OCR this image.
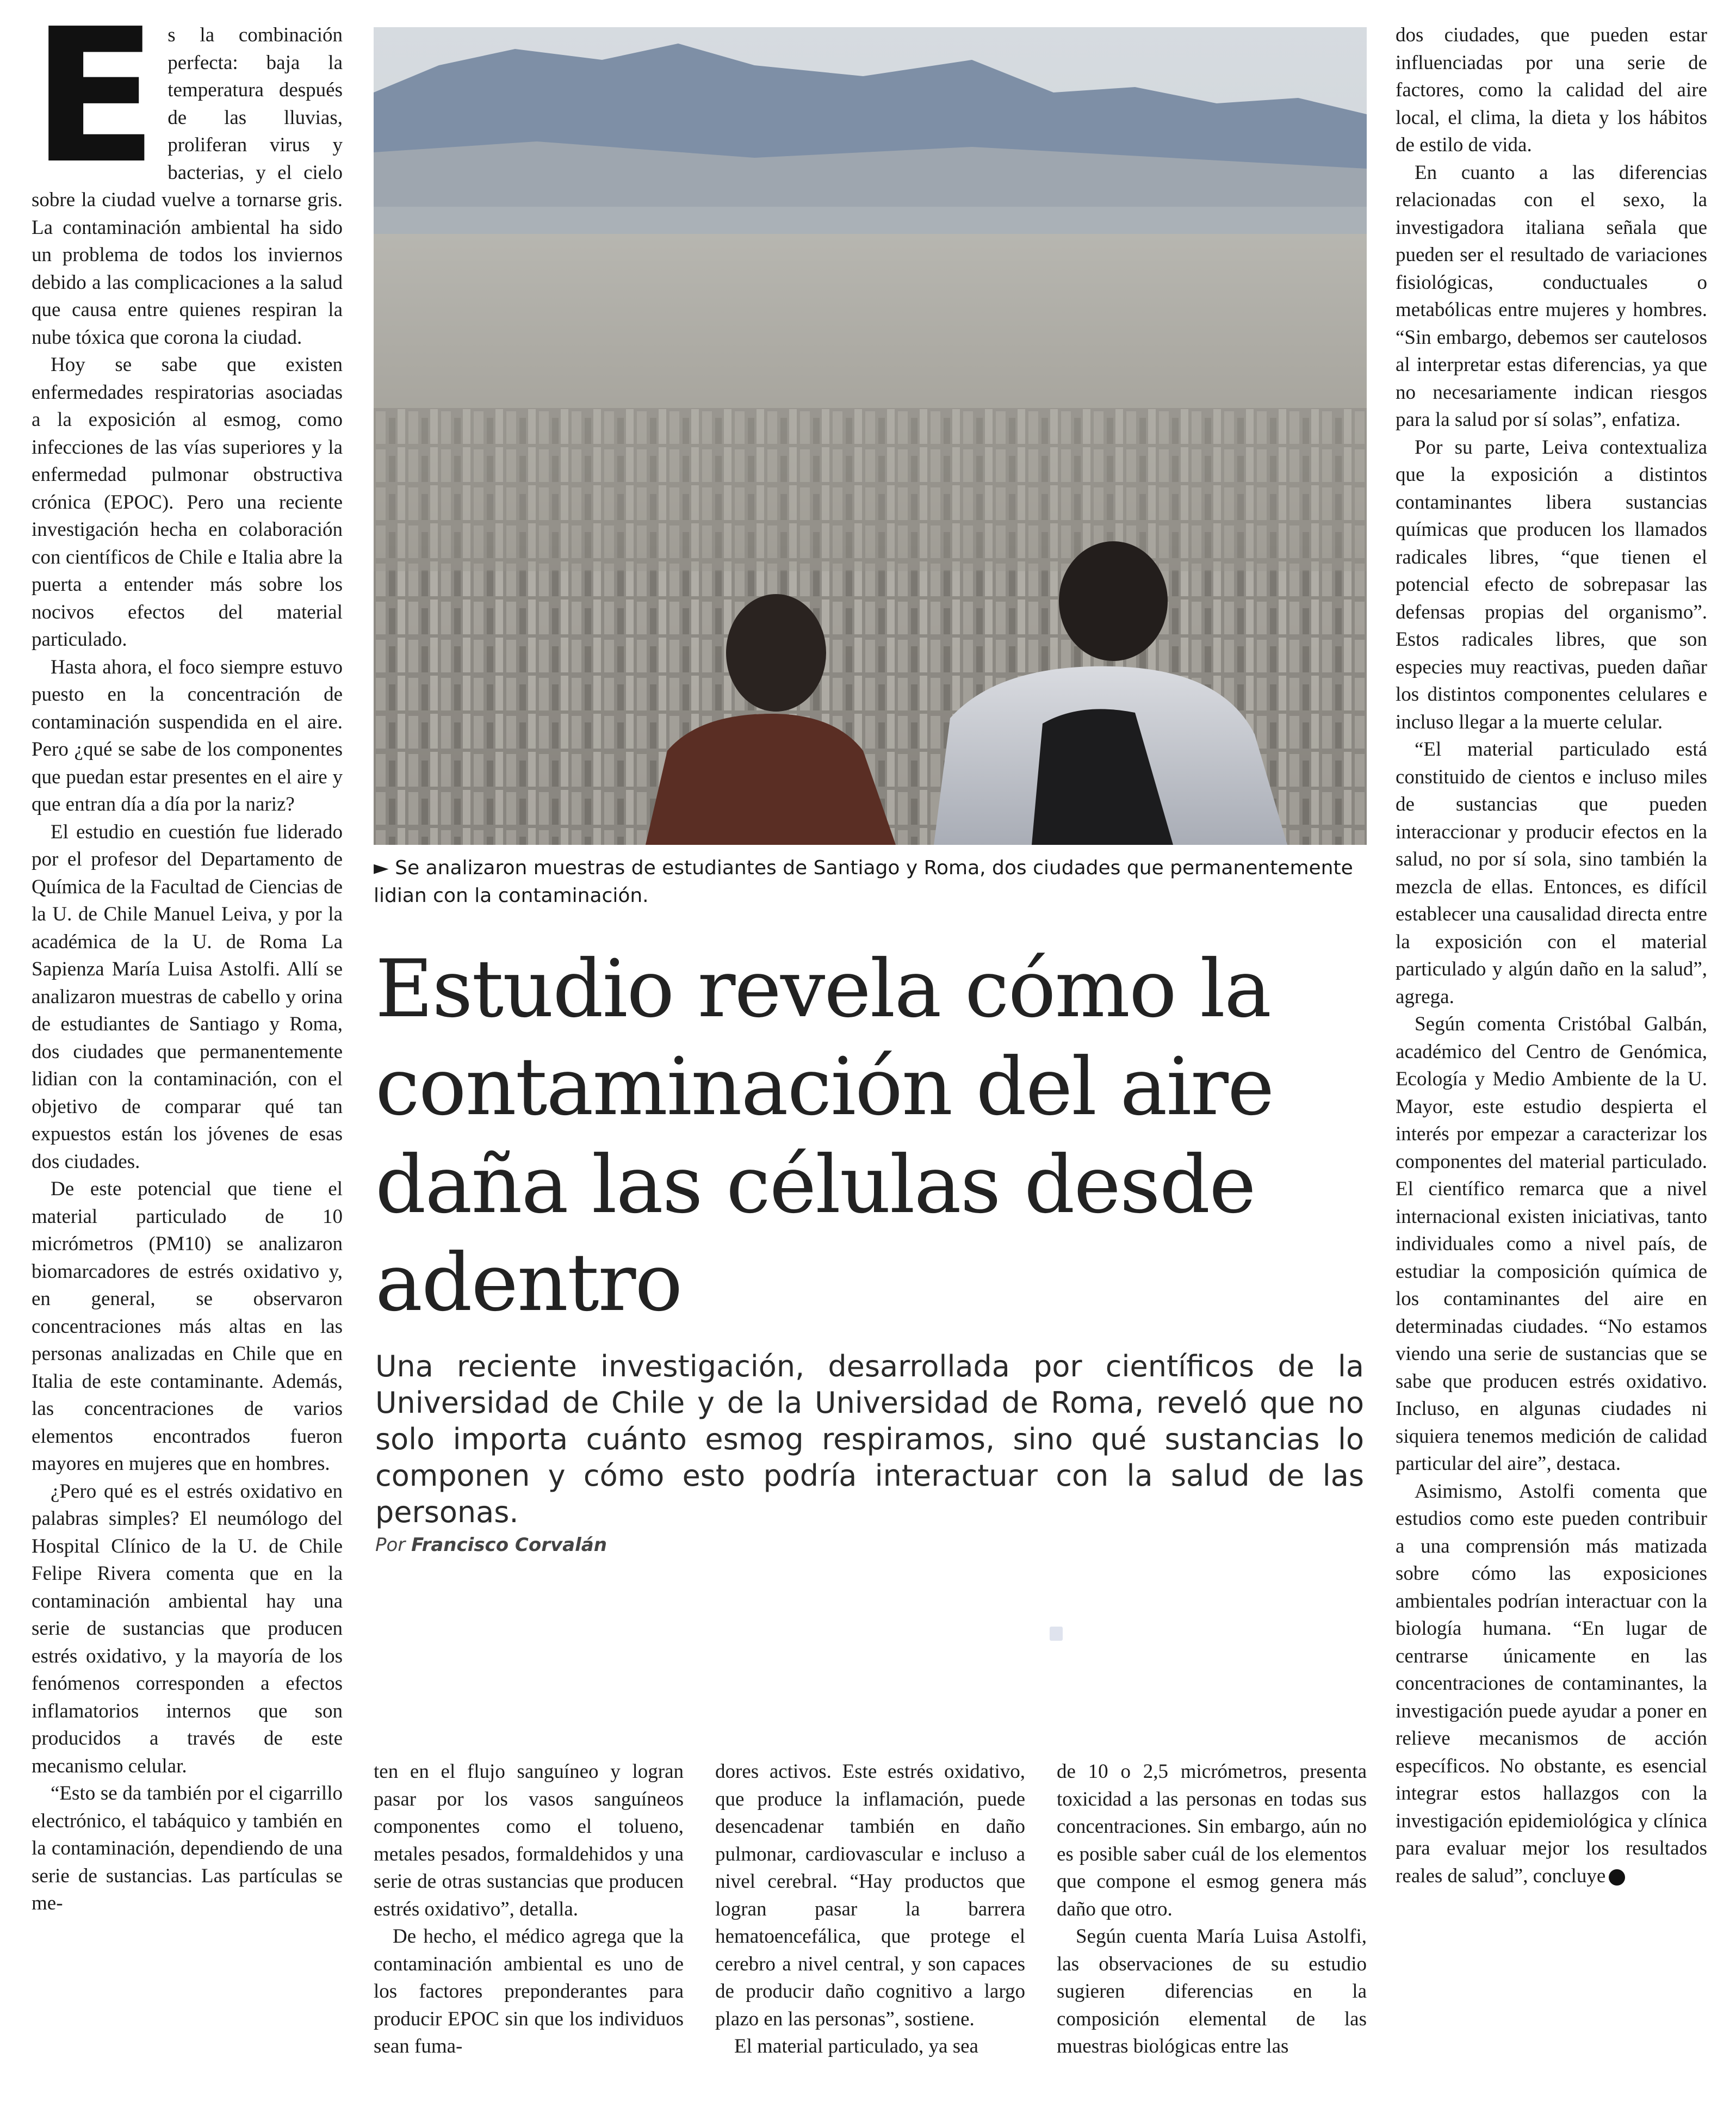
Es la combinación perfecta: baja la temperatura después de las lluvias, proliferan virus y bacterias, y el cielo sobre la ciudad vuelve a tornarse gris. La contaminación ambiental ha sido un problema de todos los inviernos debido a las complicaciones a la salud que causa entre quienes respiran la nube tóxica que corona la ciudad.

Hoy se sabe que existen enfermedades respiratorias asociadas a la exposición al esmog, como infecciones de las vías superiores y la enfermedad pulmonar obstructiva crónica (EPOC). Pero una reciente investigación hecha en colaboración con científicos de Chile e Italia abre la puerta a entender más sobre los nocivos efectos del material particulado.

Hasta ahora, el foco siempre estuvo puesto en la concentración de contaminación suspendida en el aire. Pero ¿qué se sabe de los componentes que puedan estar presentes en el aire y que entran día a día por la nariz?

El estudio en cuestión fue liderado por el profesor del Departamento de Química de la Facultad de Ciencias de la U. de Chile Manuel Leiva, y por la académica de la U. de Roma La Sapienza María Luisa Astolfi. Allí se analizaron muestras de cabello y orina de estudiantes de Santiago y Roma, dos ciudades que permanentemente lidian con la contaminación, con el objetivo de comparar qué tan expuestos están los jóvenes de esas dos ciudades.

De este potencial que tiene el material particulado de 10 micrómetros (PM10) se analizaron biomarcadores de estrés oxidativo y, en general, se observaron concentraciones más altas en las personas analizadas en Chile que en Italia de este contaminante. Además, las concentraciones de varios elementos encontrados fueron mayores en mujeres que en hombres.

¿Pero qué es el estrés oxidativo en palabras simples? El neumólogo del Hospital Clínico de la U. de Chile Felipe Rivera comenta que en la contaminación ambiental hay una serie de sustancias que producen estrés oxidativo, y la mayoría de los fenómenos corresponden a efectos inflamatorios internos que son producidos a través de este mecanismo celular.

“Esto se da también por el cigarrillo electrónico, el tabáquico y también en la contaminación, dependiendo de una serie de sustancias. Las partículas se me-

► Se analizaron muestras de estudiantes de Santiago y Roma, dos ciudades que permanentemente lidian con la contaminación.
Estudio revela cómo la contaminación del aire daña las células desde adentro
Una reciente investigación, desarrollada por científicos de la Universidad de Chile y de la Universidad de Roma, reveló que no solo importa cuánto esmog respiramos, sino qué sustancias lo componen y cómo esto podría interactuar con la salud de las personas.
Por Francisco Corvalán

ten en el flujo sanguíneo y logran pasar por los vasos sanguíneos componentes como el tolueno, metales pesados, formaldehidos y una serie de otras sustancias que producen estrés oxidativo”, detalla.

De hecho, el médico agrega que la contaminación ambiental es uno de los factores preponderantes para producir EPOC sin que los individuos sean fuma-

dores activos. Este estrés oxidativo, que produce la inflamación, puede desencadenar también en daño pulmonar, cardiovascular e incluso a nivel cerebral. “Hay productos que logran pasar la barrera hematoencefálica, que protege el cerebro a nivel central, y son capaces de producir daño cognitivo a largo plazo en las personas”, sostiene.

El material particulado, ya sea

de 10 o 2,5 micrómetros, presenta toxicidad a las personas en todas sus concentraciones. Sin embargo, aún no es posible saber cuál de los elementos que compone el esmog genera más daño que otro.

Según cuenta María Luisa Astolfi, las observaciones de su estudio sugieren diferencias en la composición elemental de las muestras biológicas entre las

dos ciudades, que pueden estar influenciadas por una serie de factores, como la calidad del aire local, el clima, la dieta y los hábitos de estilo de vida.

En cuanto a las diferencias relacionadas con el sexo, la investigadora italiana señala que pueden ser el resultado de variaciones fisiológicas, conductuales o metabólicas entre mujeres y hombres. “Sin embargo, debemos ser cautelosos al interpretar estas diferencias, ya que no necesariamente indican riesgos para la salud por sí solas”, enfatiza.

Por su parte, Leiva contextualiza que la exposición a distintos contaminantes libera sustancias químicas que producen los llamados radicales libres, “que tienen el potencial efecto de sobrepasar las defensas propias del organismo”. Estos radicales libres, que son especies muy reactivas, pueden dañar los distintos componentes celulares e incluso llegar a la muerte celular.

“El material particulado está constituido de cientos e incluso miles de sustancias que pueden interaccionar y producir efectos en la salud, no por sí sola, sino también la mezcla de ellas. Entonces, es difícil establecer una causalidad directa entre la exposición con el material particulado y algún daño en la salud”, agrega.

Según comenta Cristóbal Galbán, académico del Centro de Genómica, Ecología y Medio Ambiente de la U. Mayor, este estudio despierta el interés por empezar a caracterizar los componentes del material particulado. El científico remarca que a nivel internacional existen iniciativas, tanto individuales como a nivel país, de estudiar la composición química de los contaminantes del aire en determinadas ciudades. “No estamos viendo una serie de sustancias que se sabe que producen estrés oxidativo. Incluso, en algunas ciudades ni siquiera tenemos medición de calidad particular del aire”, destaca.

Asimismo, Astolfi comenta que estudios como este pueden contribuir a una comprensión más matizada sobre cómo las exposiciones ambientales podrían interactuar con la biología humana. “En lugar de centrarse únicamente en las concentraciones de contaminantes, la investigación puede ayudar a poner en relieve mecanismos de acción específicos. No obstante, es esencial integrar estos hallazgos con la investigación epidemiológica y clínica para evaluar mejor los resultados reales de salud”, concluye
